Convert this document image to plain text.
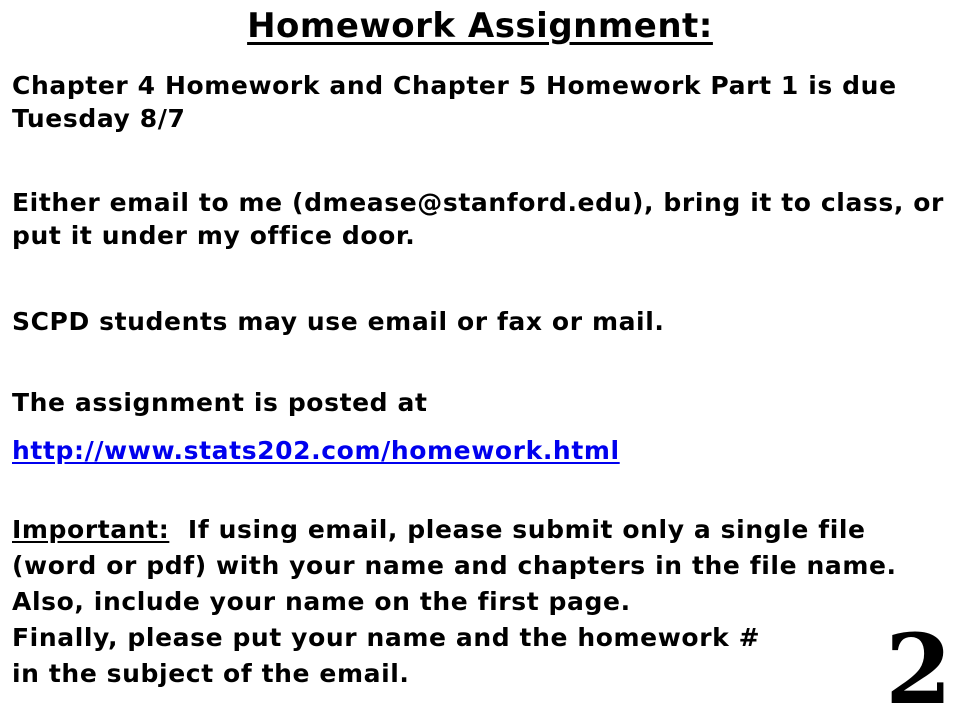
Homework Assignment:

Chapter 4 Homework and Chapter 5 Homework Part 1 is due Tuesday 8/7

Either email to me (dmease@stanford.edu), bring it to class, or put it under my office door.

SCPD students may use email or fax or mail.

The assignment is posted at

http://www.stats202.com/homework.html

Important:  If using email, please submit only a single file (word or pdf) with your name and chapters in the file name.  Also, include your name on the first page.
Finally, please put your name and the homework #
in the subject of the email.	2
